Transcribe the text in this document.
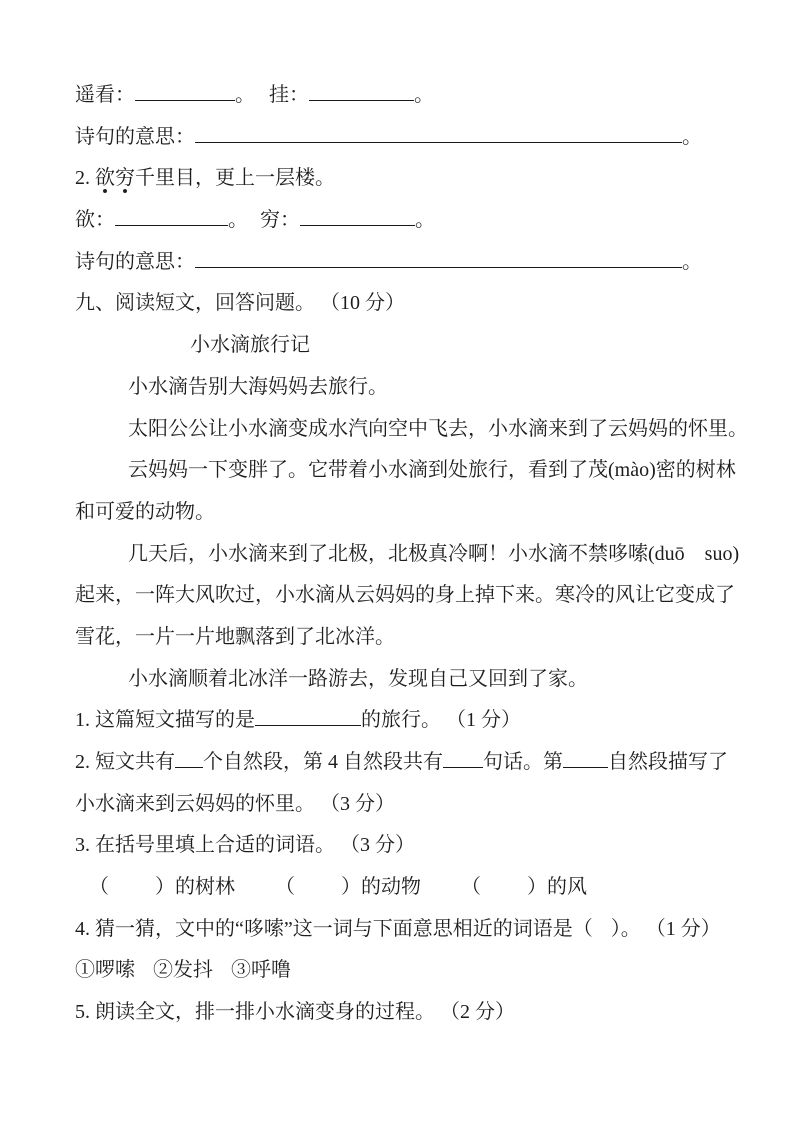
遥看：	。 挂：	。
诗句的意思：	。
2. 欲穷千里目，更上一层楼。
欲：	。 穷：	。
诗句的意思：	。
九、阅读短文，回答问题。 （10 分）
小水滴旅行记
小水滴告别大海妈妈去旅行。
太阳公公让小水滴变成水汽向空中飞去，小水滴来到了云妈妈的怀里。
云妈妈一下变胖了。它带着小水滴到处旅行，看到了茂(mào)密的树林
和可爱的动物。
几天后，小水滴来到了北极，北极真冷啊！小水滴不禁哆嗦(duō    suo)
起来，一阵大风吹过，小水滴从云妈妈的身上掉下来。寒冷的风让它变成了
雪花，一片一片地飘落到了北冰洋。
小水滴顺着北冰洋一路游去，发现自己又回到了家。
1. 这篇短文描写的是	的旅行。 （1 分）
2. 短文共有 个自然段，第 4 自然段共有 句话。第 自然段描写了
小水滴来到云妈妈的怀里。 （3 分）
3. 在括号里填上合适的词语。 （3 分）
（ ）的树林 （ ）的动物 （ ）的风
4. 猜一猜，文中的“哆嗦”这一词与下面意思相近的词语是（ ）。 （1 分）
①啰嗦 ②发抖 ③呼噜
5. 朗读全文，排一排小水滴变身的过程。 （2 分）
